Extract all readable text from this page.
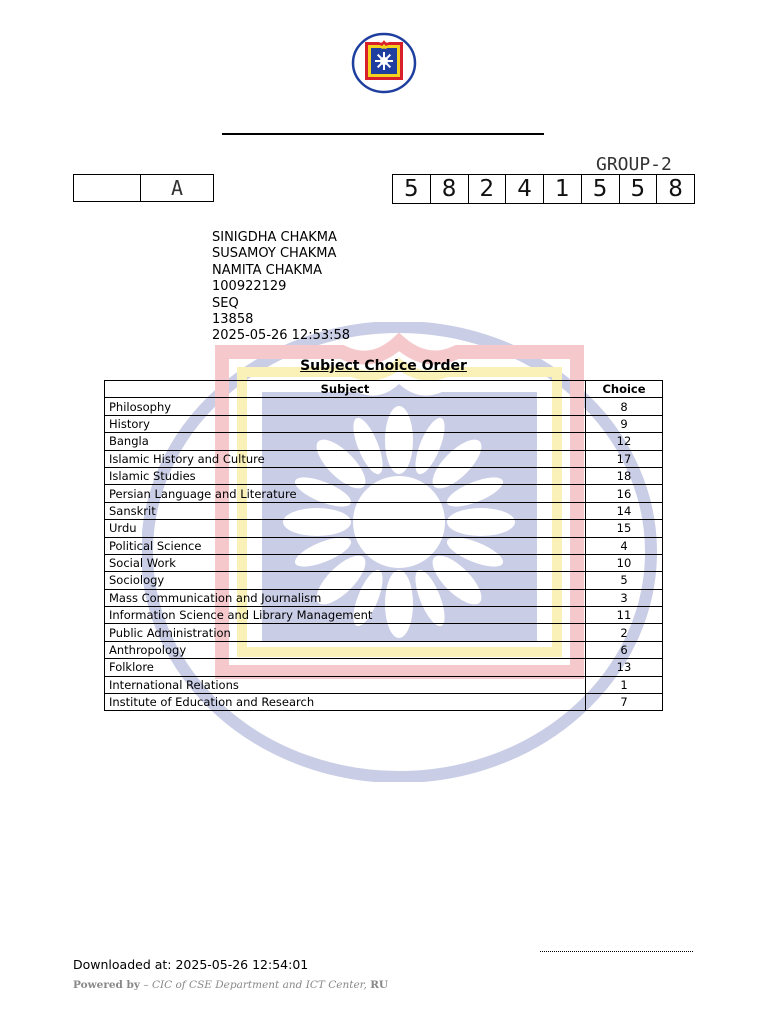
GROUP-2
A	5	8	2	4	1	5	5	8
SINIGDHA CHAKMA
SUSAMOY CHAKMA
NAMITA CHAKMA
100922129
SEQ
13858
2025-05-26 12:53:58
Subject Choice Order
Subject	Choice
Philosophy	8
History	9
Bangla	12
Islamic History and Culture	17
Islamic Studies	18
Persian Language and Literature	16
Sanskrit	14
Urdu	15
Political Science	4
Social Work	10
Sociology	5
Mass Communication and Journalism	3
Information Science and Library Management	11
Public Administration	2
Anthropology	6
Folklore	13
International Relations	1
Institute of Education and Research	7
Downloaded at: 2025-05-26 12:54:01
Powered by – CIC of CSE Department and ICT Center, RU
